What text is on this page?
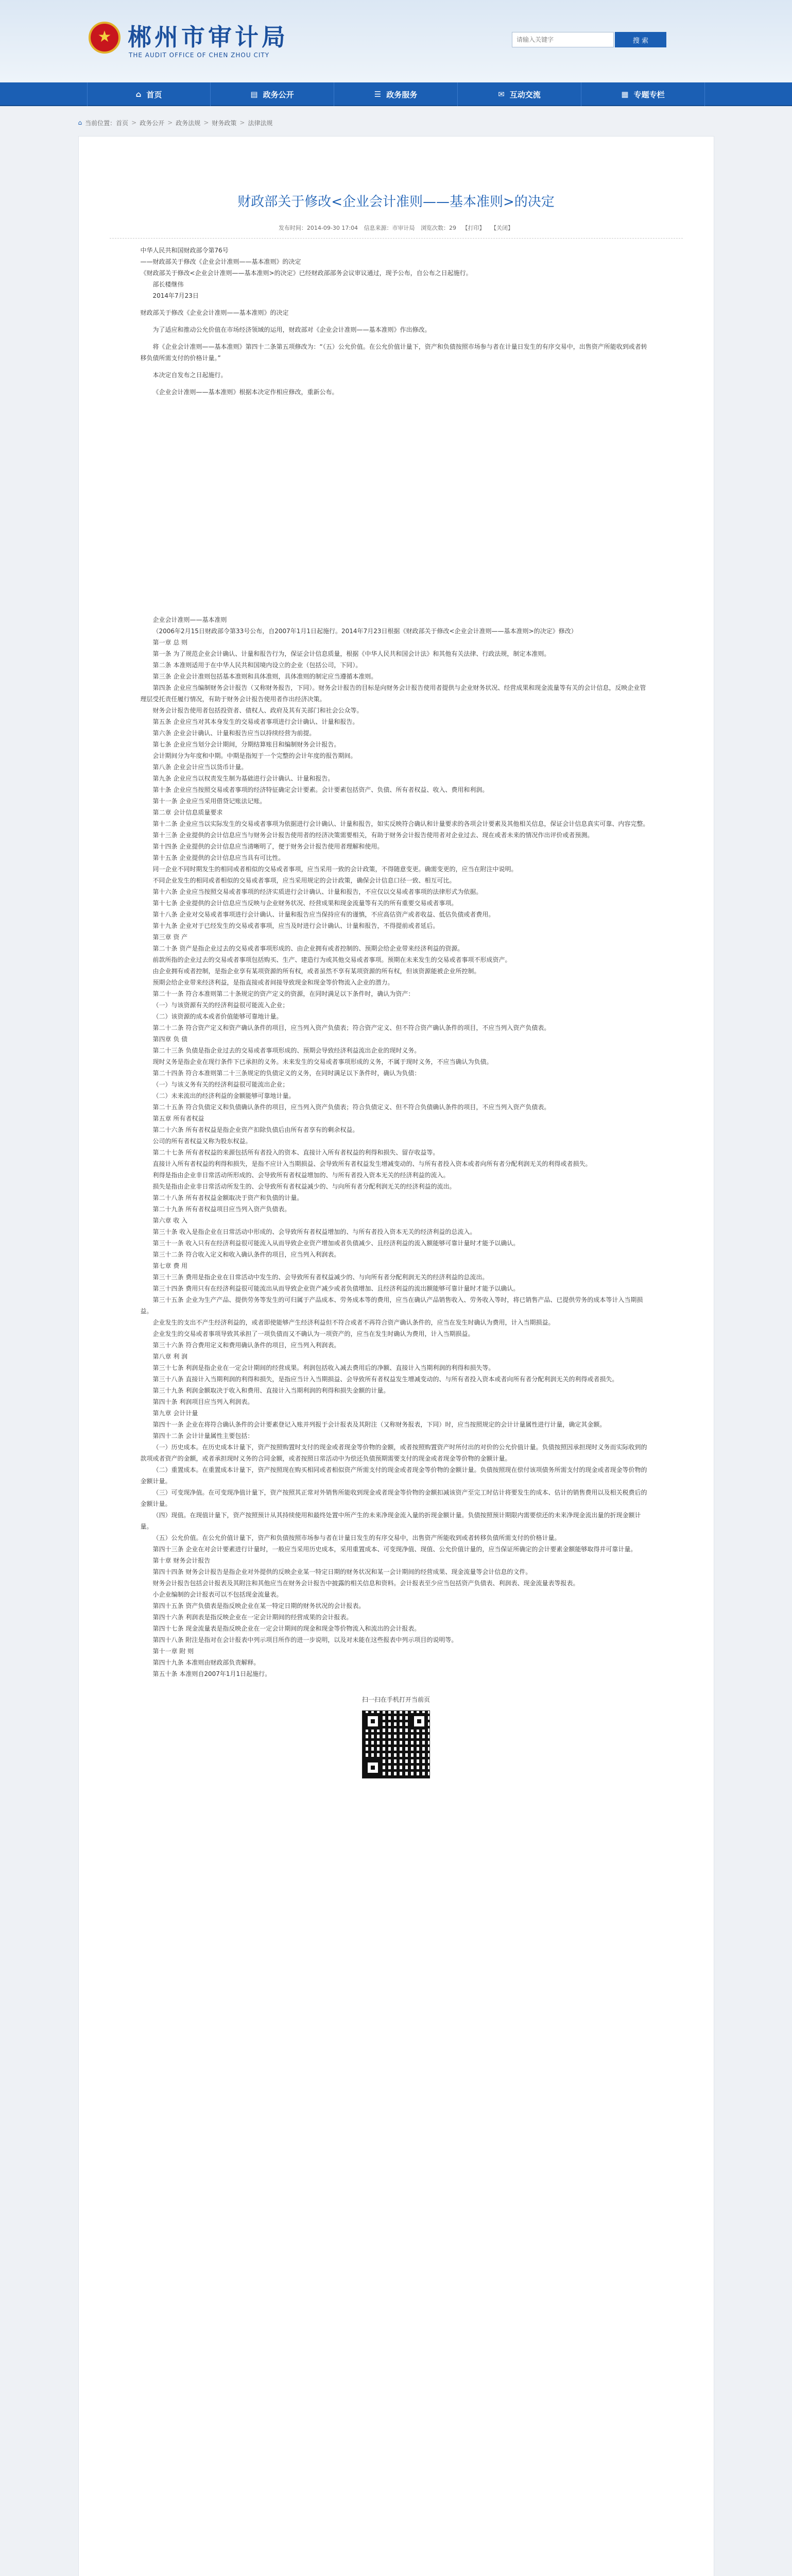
★ 郴州市审计局
THE AUDIT OFFICE OF CHEN ZHOU CITY
请输入关键字
搜 索
⌂ 首页	▤ 政务公开	☰ 政务服务	✉ 互动交流	▦ 专题专栏
⌂ 当前位置： 首页 > 政务公开 > 政务法规 > 财务政策 > 法律法规
财政部关于修改<企业会计准则——基本准则>的决定
发布时间：2014-09-30 17:04 信息来源：市审计局 浏览次数：29 【打印】 【关闭】

中华人民共和国财政部令第76号

——财政部关于修改《企业会计准则——基本准则》的决定

《财政部关于修改<企业会计准则——基本准则>的决定》已经财政部部务会议审议通过，现予公布，自公布之日起施行。

部长楼继伟

2014年7月23日

财政部关于修改《企业会计准则——基本准则》的决定

为了适应和推动公允价值在市场经济领域的运用，财政部对《企业会计准则——基本准则》作出修改。

将《企业会计准则——基本准则》第四十二条第五项修改为：“（五）公允价值。在公允价值计量下，资产和负债按照市场参与者在计量日发生的有序交易中，出售资产所能收到或者转移负债所需支付的价格计量。”

本决定自发布之日起施行。

《企业会计准则——基本准则》根据本决定作相应修改，重新公布。

企业会计准则——基本准则

（2006年2月15日财政部令第33号公布，自2007年1月1日起施行。2014年7月23日根据《财政部关于修改<企业会计准则——基本准则>的决定》修改）

第一章 总 则

第一条 为了规范企业会计确认、计量和报告行为，保证会计信息质量，根据《中华人民共和国会计法》和其他有关法律、行政法规，制定本准则。

第二条 本准则适用于在中华人民共和国境内设立的企业（包括公司，下同）。

第三条 企业会计准则包括基本准则和具体准则，具体准则的制定应当遵循本准则。

第四条 企业应当编制财务会计报告（又称财务报告，下同）。财务会计报告的目标是向财务会计报告使用者提供与企业财务状况、经营成果和现金流量等有关的会计信息，反映企业管理层受托责任履行情况，有助于财务会计报告使用者作出经济决策。

财务会计报告使用者包括投资者、债权人、政府及其有关部门和社会公众等。

第五条 企业应当对其本身发生的交易或者事项进行会计确认、计量和报告。

第六条 企业会计确认、计量和报告应当以持续经营为前提。

第七条 企业应当划分会计期间，分期结算账目和编制财务会计报告。

会计期间分为年度和中期。中期是指短于一个完整的会计年度的报告期间。

第八条 企业会计应当以货币计量。

第九条 企业应当以权责发生制为基础进行会计确认、计量和报告。

第十条 企业应当按照交易或者事项的经济特征确定会计要素。会计要素包括资产、负债、所有者权益、收入、费用和利润。

第十一条 企业应当采用借贷记账法记账。

第二章 会计信息质量要求

第十二条 企业应当以实际发生的交易或者事项为依据进行会计确认、计量和报告，如实反映符合确认和计量要求的各项会计要素及其他相关信息，保证会计信息真实可靠、内容完整。

第十三条 企业提供的会计信息应当与财务会计报告使用者的经济决策需要相关，有助于财务会计报告使用者对企业过去、现在或者未来的情况作出评价或者预测。

第十四条 企业提供的会计信息应当清晰明了，便于财务会计报告使用者理解和使用。

第十五条 企业提供的会计信息应当具有可比性。

同一企业不同时期发生的相同或者相似的交易或者事项，应当采用一致的会计政策，不得随意变更。确需变更的，应当在附注中说明。

不同企业发生的相同或者相似的交易或者事项，应当采用规定的会计政策，确保会计信息口径一致、相互可比。

第十六条 企业应当按照交易或者事项的经济实质进行会计确认、计量和报告，不应仅以交易或者事项的法律形式为依据。

第十七条 企业提供的会计信息应当反映与企业财务状况、经营成果和现金流量等有关的所有重要交易或者事项。

第十八条 企业对交易或者事项进行会计确认、计量和报告应当保持应有的谨慎，不应高估资产或者收益、低估负债或者费用。

第十九条 企业对于已经发生的交易或者事项，应当及时进行会计确认、计量和报告，不得提前或者延后。

第三章 资 产

第二十条 资产是指企业过去的交易或者事项形成的、由企业拥有或者控制的、预期会给企业带来经济利益的资源。

前款所指的企业过去的交易或者事项包括购买、生产、建造行为或其他交易或者事项。预期在未来发生的交易或者事项不形成资产。

由企业拥有或者控制，是指企业享有某项资源的所有权，或者虽然不享有某项资源的所有权，但该资源能被企业所控制。

预期会给企业带来经济利益，是指直接或者间接导致现金和现金等价物流入企业的潜力。

第二十一条 符合本准则第二十条规定的资产定义的资源，在同时满足以下条件时，确认为资产：

（一）与该资源有关的经济利益很可能流入企业；

（二）该资源的成本或者价值能够可靠地计量。

第二十二条 符合资产定义和资产确认条件的项目，应当列入资产负债表；符合资产定义、但不符合资产确认条件的项目，不应当列入资产负债表。

第四章 负 债

第二十三条 负债是指企业过去的交易或者事项形成的、预期会导致经济利益流出企业的现时义务。

现时义务是指企业在现行条件下已承担的义务。未来发生的交易或者事项形成的义务，不属于现时义务，不应当确认为负债。

第二十四条 符合本准则第二十三条规定的负债定义的义务，在同时满足以下条件时，确认为负债：

（一）与该义务有关的经济利益很可能流出企业；

（二）未来流出的经济利益的金额能够可靠地计量。

第二十五条 符合负债定义和负债确认条件的项目，应当列入资产负债表；符合负债定义、但不符合负债确认条件的项目，不应当列入资产负债表。

第五章 所有者权益

第二十六条 所有者权益是指企业资产扣除负债后由所有者享有的剩余权益。

公司的所有者权益又称为股东权益。

第二十七条 所有者权益的来源包括所有者投入的资本、直接计入所有者权益的利得和损失、留存收益等。

直接计入所有者权益的利得和损失，是指不应计入当期损益、会导致所有者权益发生增减变动的、与所有者投入资本或者向所有者分配利润无关的利得或者损失。

利得是指由企业非日常活动所形成的、会导致所有者权益增加的、与所有者投入资本无关的经济利益的流入。

损失是指由企业非日常活动所发生的、会导致所有者权益减少的、与向所有者分配利润无关的经济利益的流出。

第二十八条 所有者权益金额取决于资产和负债的计量。

第二十九条 所有者权益项目应当列入资产负债表。

第六章 收 入

第三十条 收入是指企业在日常活动中形成的、会导致所有者权益增加的、与所有者投入资本无关的经济利益的总流入。

第三十一条 收入只有在经济利益很可能流入从而导致企业资产增加或者负债减少、且经济利益的流入额能够可靠计量时才能予以确认。

第三十二条 符合收入定义和收入确认条件的项目，应当列入利润表。

第七章 费 用

第三十三条 费用是指企业在日常活动中发生的、会导致所有者权益减少的、与向所有者分配利润无关的经济利益的总流出。

第三十四条 费用只有在经济利益很可能流出从而导致企业资产减少或者负债增加、且经济利益的流出额能够可靠计量时才能予以确认。

第三十五条 企业为生产产品、提供劳务等发生的可归属于产品成本、劳务成本等的费用，应当在确认产品销售收入、劳务收入等时，将已销售产品、已提供劳务的成本等计入当期损益。

企业发生的支出不产生经济利益的，或者即使能够产生经济利益但不符合或者不再符合资产确认条件的，应当在发生时确认为费用，计入当期损益。

企业发生的交易或者事项导致其承担了一项负债而又不确认为一项资产的，应当在发生时确认为费用，计入当期损益。

第三十六条 符合费用定义和费用确认条件的项目，应当列入利润表。

第八章 利 润

第三十七条 利润是指企业在一定会计期间的经营成果。利润包括收入减去费用后的净额、直接计入当期利润的利得和损失等。

第三十八条 直接计入当期利润的利得和损失，是指应当计入当期损益、会导致所有者权益发生增减变动的、与所有者投入资本或者向所有者分配利润无关的利得或者损失。

第三十九条 利润金额取决于收入和费用、直接计入当期利润的利得和损失金额的计量。

第四十条 利润项目应当列入利润表。

第九章 会计计量

第四十一条 企业在将符合确认条件的会计要素登记入账并列报于会计报表及其附注（又称财务报表，下同）时，应当按照规定的会计计量属性进行计量，确定其金额。

第四十二条 会计计量属性主要包括：

（一）历史成本。在历史成本计量下，资产按照购置时支付的现金或者现金等价物的金额，或者按照购置资产时所付出的对价的公允价值计量。负债按照因承担现时义务而实际收到的款项或者资产的金额，或者承担现时义务的合同金额，或者按照日常活动中为偿还负债预期需要支付的现金或者现金等价物的金额计量。

（二）重置成本。在重置成本计量下，资产按照现在购买相同或者相似资产所需支付的现金或者现金等价物的金额计量。负债按照现在偿付该项债务所需支付的现金或者现金等价物的金额计量。

（三）可变现净值。在可变现净值计量下，资产按照其正常对外销售所能收到现金或者现金等价物的金额扣减该资产至完工时估计将要发生的成本、估计的销售费用以及相关税费后的金额计量。

（四）现值。在现值计量下，资产按照预计从其持续使用和最终处置中所产生的未来净现金流入量的折现金额计量。负债按照预计期限内需要偿还的未来净现金流出量的折现金额计量。

（五）公允价值。在公允价值计量下，资产和负债按照市场参与者在计量日发生的有序交易中，出售资产所能收到或者转移负债所需支付的价格计量。

第四十三条 企业在对会计要素进行计量时，一般应当采用历史成本，采用重置成本、可变现净值、现值、公允价值计量的，应当保证所确定的会计要素金额能够取得并可靠计量。

第十章 财务会计报告

第四十四条 财务会计报告是指企业对外提供的反映企业某一特定日期的财务状况和某一会计期间的经营成果、现金流量等会计信息的文件。

财务会计报告包括会计报表及其附注和其他应当在财务会计报告中披露的相关信息和资料。会计报表至少应当包括资产负债表、利润表、现金流量表等报表。

小企业编制的会计报表可以不包括现金流量表。

第四十五条 资产负债表是指反映企业在某一特定日期的财务状况的会计报表。

第四十六条 利润表是指反映企业在一定会计期间的经营成果的会计报表。

第四十七条 现金流量表是指反映企业在一定会计期间的现金和现金等价物流入和流出的会计报表。

第四十八条 附注是指对在会计报表中列示项目所作的进一步说明，以及对未能在这些报表中列示项目的说明等。

第十一章 附 则

第四十九条 本准则由财政部负责解释。

第五十条 本准则自2007年1月1日起施行。

扫一扫在手机打开当前页
